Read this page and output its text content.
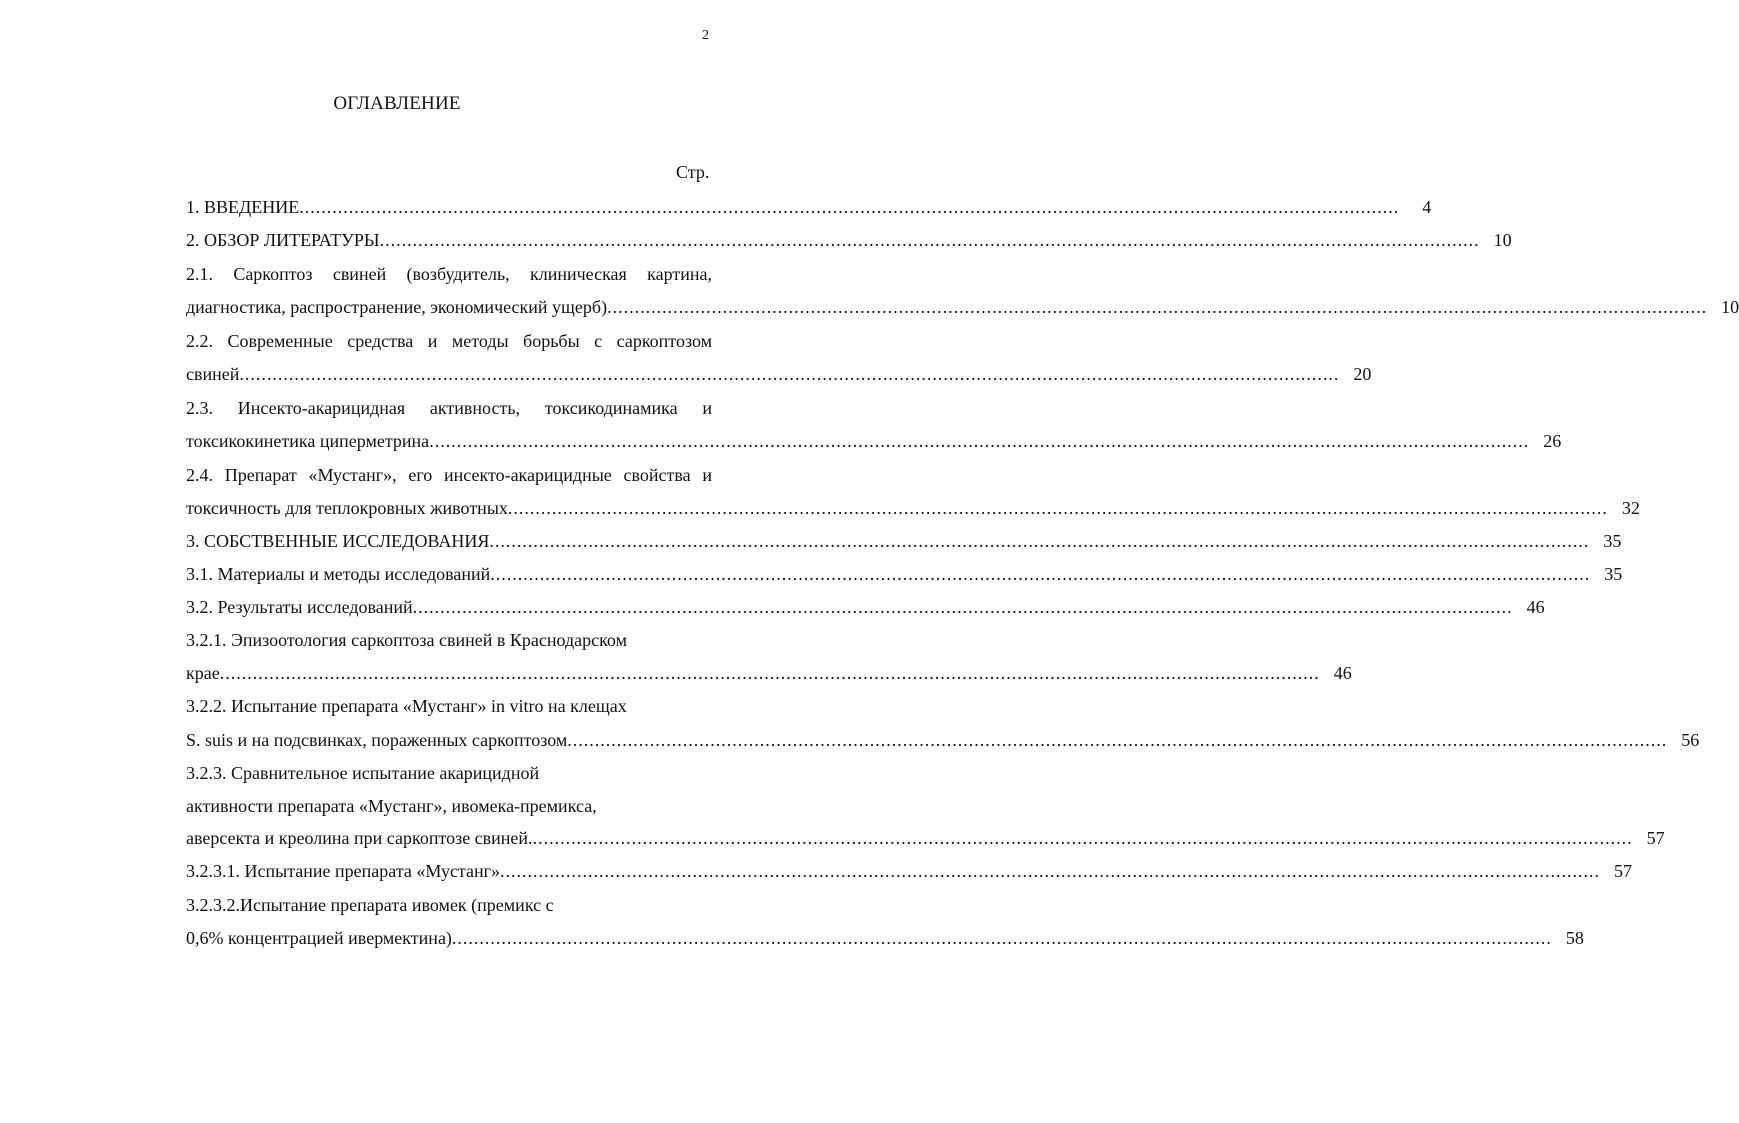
2
ОГЛАВЛЕНИЕ
Стр.
1. ВВЕДЕНИЕ ........................................................................................................................................................................................................	4
2. ОБЗОР ЛИТЕРАТУРЫ ........................................................................................................................................................................................................ 10
2.1. Саркоптоз свиней (возбудитель, клиническая картина,
диагностика, распространение, экономический ущерб) ........................................................................................................................................................................................................ 10
2.2. Современные средства и методы борьбы с саркоптозом
свиней ........................................................................................................................................................................................................ 20
2.3. Инсекто-акарицидная активность, токсикодинамика и
токсикокинетика циперметрина ........................................................................................................................................................................................................ 26
2.4. Препарат «Мустанг», его инсекто-акарицидные свойства и
токсичность для теплокровных животных ........................................................................................................................................................................................................ 32
3. СОБСТВЕННЫЕ ИССЛЕДОВАНИЯ ........................................................................................................................................................................................................ 35
3.1. Материалы и методы исследований ........................................................................................................................................................................................................ 35
3.2. Результаты исследований ........................................................................................................................................................................................................ 46
3.2.1. Эпизоотология саркоптоза свиней в Краснодарском
крае ........................................................................................................................................................................................................ 46
3.2.2. Испытание препарата «Мустанг» in vitro на клещах
S. suis и на подсвинках, пораженных саркоптозом ........................................................................................................................................................................................................ 56
3.2.3. Сравнительное испытание акарицидной
активности препарата «Мустанг», ивомека-премикса,
аверсекта и креолина при саркоптозе свиней. ........................................................................................................................................................................................................ 57
3.2.3.1. Испытание препарата «Мустанг» ........................................................................................................................................................................................................ 57
3.2.3.2.Испытание препарата ивомек (премикс с
0,6% концентрацией ивермектина) ........................................................................................................................................................................................................ 58
